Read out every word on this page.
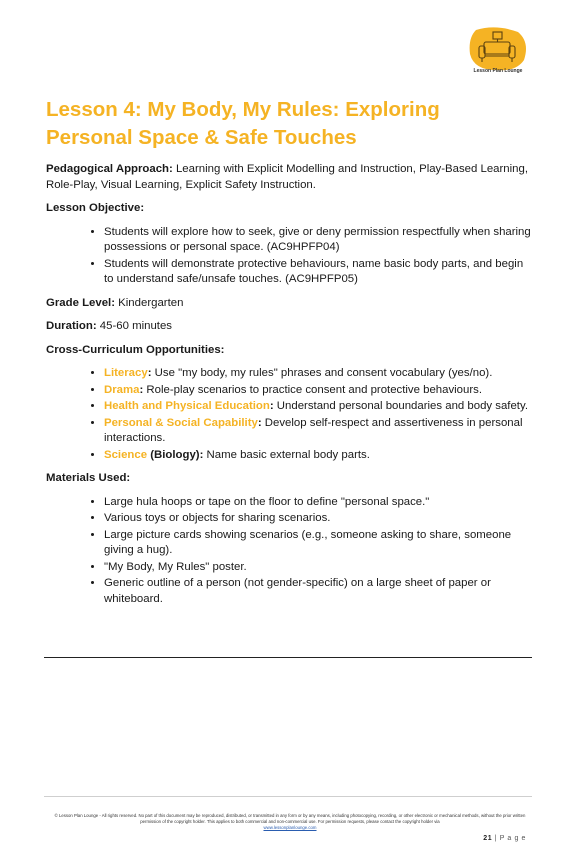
Lesson Plan Lounge
Lesson 4: My Body, My Rules: Exploring Personal Space & Safe Touches

Pedagogical Approach: Learning with Explicit Modelling and Instruction, Play-Based Learning, Role-Play, Visual Learning, Explicit Safety Instruction.

Lesson Objective:

• Students will explore how to seek, give or deny permission respectfully when sharing possessions or personal space. (AC9HPFP04)
• Students will demonstrate protective behaviours, name basic body parts, and begin to understand safe/unsafe touches. (AC9HPFP05)

Grade Level: Kindergarten

Duration: 45-60 minutes

Cross-Curriculum Opportunities:

• Literacy: Use "my body, my rules" phrases and consent vocabulary (yes/no).
• Drama: Role-play scenarios to practice consent and protective behaviours.
• Health and Physical Education: Understand personal boundaries and body safety.
• Personal & Social Capability: Develop self-respect and assertiveness in personal interactions.
• Science (Biology): Name basic external body parts.

Materials Used:

• Large hula hoops or tape on the floor to define "personal space."
• Various toys or objects for sharing scenarios.
• Large picture cards showing scenarios (e.g., someone asking to share, someone giving a hug).
• "My Body, My Rules" poster.
• Generic outline of a person (not gender-specific) on a large sheet of paper or whiteboard.
© Lesson Plan Lounge - All rights reserved. No part of this document may be reproduced, distributed, or transmitted in any form or by any means, including photocopying, recording, or other electronic or mechanical methods, without the prior written permission of the copyright holder. This applies to both commercial and non-commercial use. For permission requests, please contact the copyright holder via
www.lessonplanlounge.com
21 | P a g e
